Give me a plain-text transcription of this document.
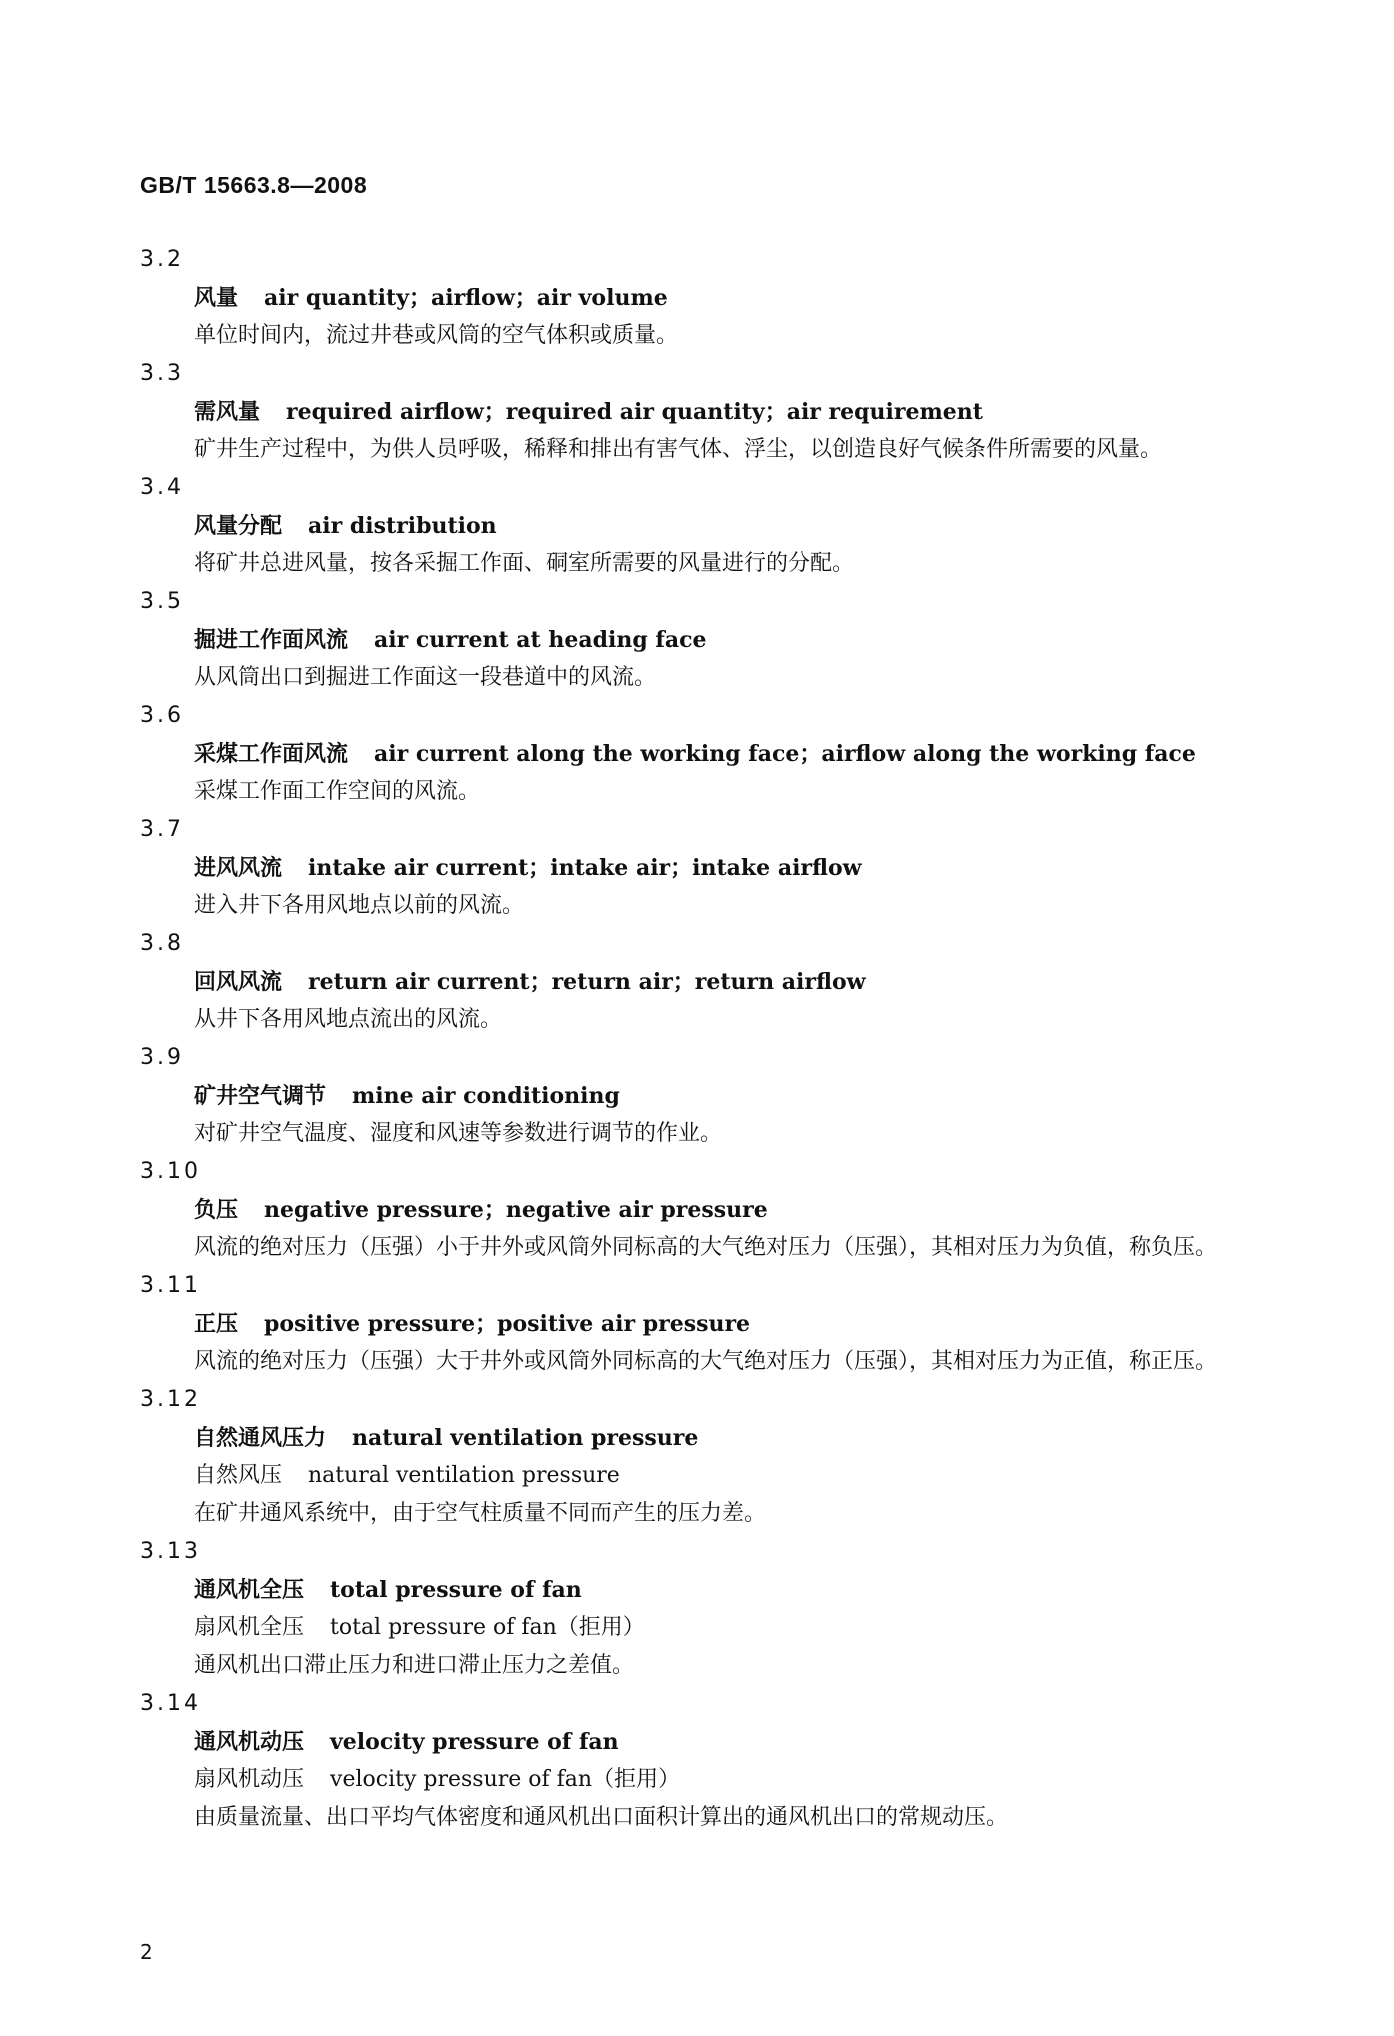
GB/T 15663.8—2008
3.2
风量 air quantity；airflow；air volume
单位时间内，流过井巷或风筒的空气体积或质量。
3.3
需风量 required airflow；required air quantity；air requirement
矿井生产过程中，为供人员呼吸，稀释和排出有害气体、浮尘，以创造良好气候条件所需要的风量。
3.4
风量分配 air distribution
将矿井总进风量，按各采掘工作面、硐室所需要的风量进行的分配。
3.5
掘进工作面风流 air current at heading face
从风筒出口到掘进工作面这一段巷道中的风流。
3.6
采煤工作面风流 air current along the working face；airflow along the working face
采煤工作面工作空间的风流。
3.7
进风风流 intake air current；intake air；intake airflow
进入井下各用风地点以前的风流。
3.8
回风风流 return air current；return air；return airflow
从井下各用风地点流出的风流。
3.9
矿井空气调节 mine air conditioning
对矿井空气温度、湿度和风速等参数进行调节的作业。
3.10
负压 negative pressure；negative air pressure
风流的绝对压力（压强）小于井外或风筒外同标高的大气绝对压力（压强），其相对压力为负值，称负压。
3.11
正压 positive pressure；positive air pressure
风流的绝对压力（压强）大于井外或风筒外同标高的大气绝对压力（压强），其相对压力为正值，称正压。
3.12
自然通风压力 natural ventilation pressure
自然风压 natural ventilation pressure
在矿井通风系统中，由于空气柱质量不同而产生的压力差。
3.13
通风机全压 total pressure of fan
扇风机全压 total pressure of fan（拒用）
通风机出口滞止压力和进口滞止压力之差值。
3.14
通风机动压 velocity pressure of fan
扇风机动压 velocity pressure of fan（拒用）
由质量流量、出口平均气体密度和通风机出口面积计算出的通风机出口的常规动压。
2
